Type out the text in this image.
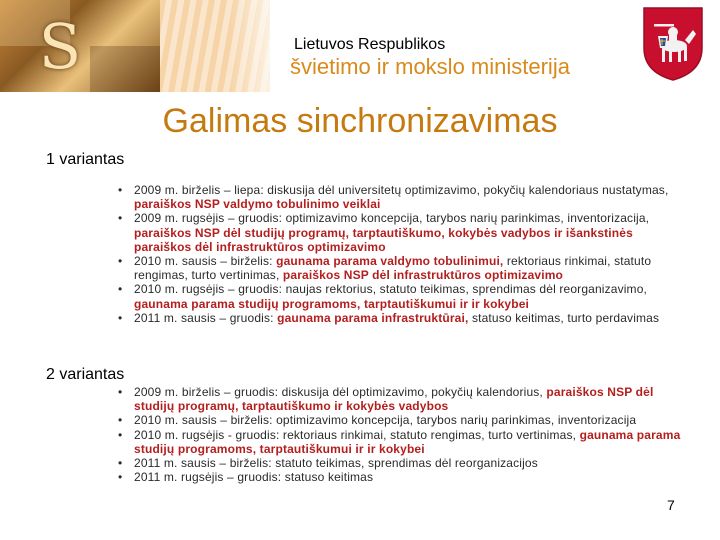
S	Lietuvos Respublikos
švietimo ir mokslo ministerija
Galimas sinchronizavimas
1 variantas
• 2009 m. birželis – liepa: diskusija dėl universitetų optimizavimo, pokyčių kalendoriaus nustatymas, paraiškos NSP valdymo tobulinimo veiklai
• 2009 m. rugsėjis – gruodis: optimizavimo koncepcija, tarybos narių parinkimas, inventorizacija, paraiškos NSP dėl studijų programų, tarptautiškumo, kokybės vadybos ir išankstinės paraiškos dėl infrastruktūros optimizavimo
• 2010 m. sausis – birželis: gaunama parama valdymo tobulinimui, rektoriaus rinkimai, statuto rengimas, turto vertinimas, paraiškos NSP dėl infrastruktūros optimizavimo
• 2010 m. rugsėjis – gruodis: naujas rektorius, statuto teikimas, sprendimas dėl reorganizavimo, gaunama parama studijų programoms, tarptautiškumui ir ir kokybei
• 2011 m. sausis – gruodis: gaunama parama infrastruktūrai, statuso keitimas, turto perdavimas
2 variantas
• 2009 m. birželis – gruodis: diskusija dėl optimizavimo, pokyčių kalendorius, paraiškos NSP dėl studijų programų, tarptautiškumo ir kokybės vadybos
• 2010 m. sausis – birželis: optimizavimo koncepcija, tarybos narių parinkimas, inventorizacija
• 2010 m. rugsėjis - gruodis: rektoriaus rinkimai, statuto rengimas, turto vertinimas, gaunama parama studijų programoms, tarptautiškumui ir ir kokybei
• 2011 m. sausis – birželis: statuto teikimas, sprendimas dėl reorganizacijos
• 2011 m. rugsėjis – gruodis: statuso keitimas
7
